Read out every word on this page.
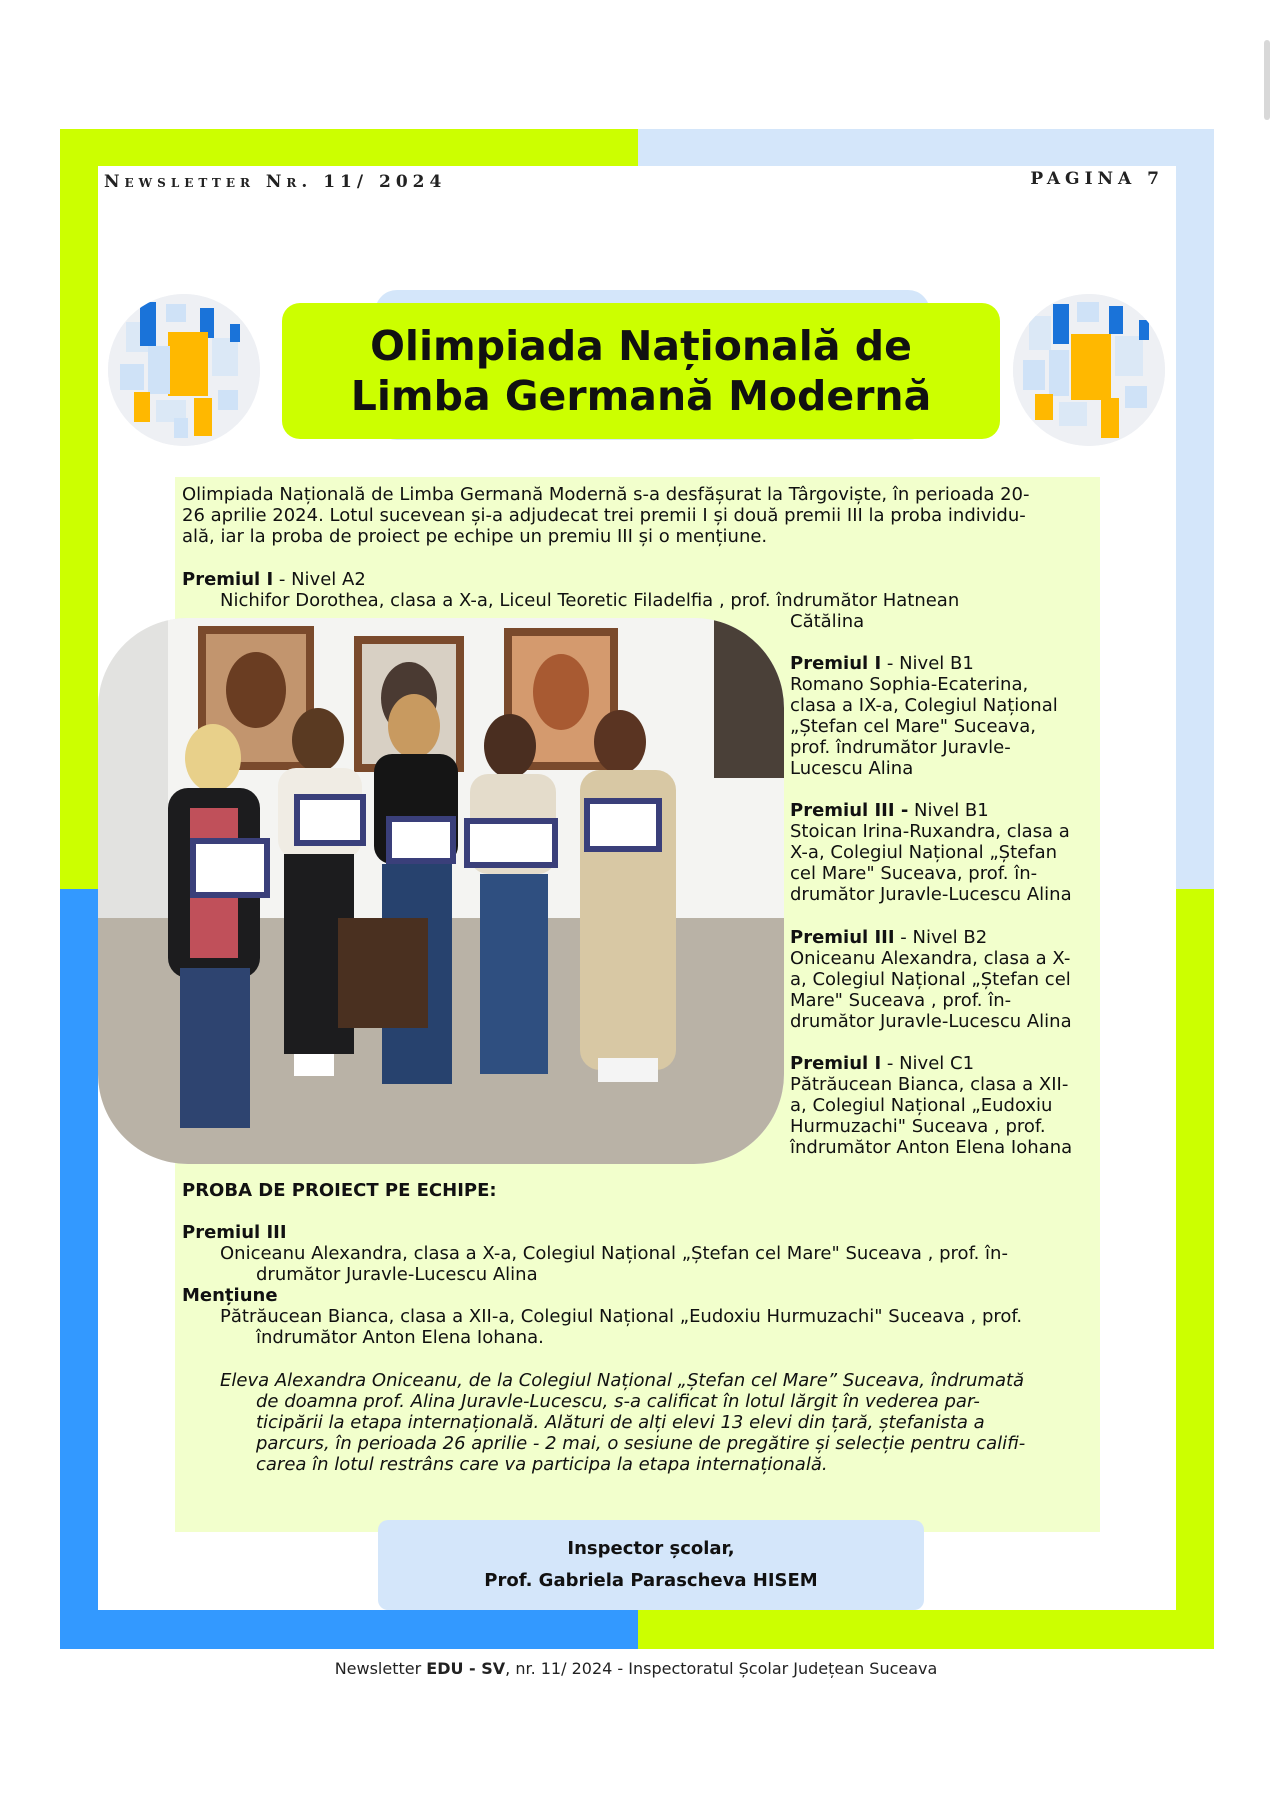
Newsletter Nr. 11/ 2024	PAGINA 7
Olimpiada Națională de
Limba Germană Modernă
Olimpiada Națională de Limba Germană Modernă s-a desfășurat la Târgoviște, în perioada 20-
26 aprilie 2024. Lotul sucevean și-a adjudecat trei premii I și două premii III la proba individu-
ală, iar la proba de proiect pe echipe un premiu III și o mențiune.
Premiul I - Nivel A2
Nichifor Dorothea, clasa a X-a, Liceul Teoretic Filadelfia , prof. îndrumător Hatnean
Cătălina
Premiul I - Nivel B1
Romano Sophia-Ecaterina,
clasa a IX-a, Colegiul Național
„Ștefan cel Mare" Suceava,
prof. îndrumător Juravle-
Lucescu Alina
Premiul III - Nivel B1
Stoican Irina-Ruxandra, clasa a
X-a, Colegiul Național „Ștefan
cel Mare" Suceava, prof. în-
drumător Juravle-Lucescu Alina
Premiul III - Nivel B2
Oniceanu Alexandra, clasa a X-
a, Colegiul Național „Ștefan cel
Mare" Suceava , prof. în-
drumător Juravle-Lucescu Alina
Premiul I - Nivel C1
Pătrăucean Bianca, clasa a XII-
a, Colegiul Național „Eudoxiu
Hurmuzachi" Suceava , prof.
îndrumător Anton Elena Iohana
PROBA DE PROIECT PE ECHIPE:
Premiul III
Oniceanu Alexandra, clasa a X-a, Colegiul Național „Ștefan cel Mare" Suceava , prof. în-
drumător Juravle-Lucescu Alina
Mențiune
Pătrăucean Bianca, clasa a XII-a, Colegiul Național „Eudoxiu Hurmuzachi" Suceava , prof.
îndrumător Anton Elena Iohana.
Eleva Alexandra Oniceanu, de la Colegiul Național „Ștefan cel Mare” Suceava, îndrumată
de doamna prof. Alina Juravle-Lucescu, s-a calificat în lotul lărgit în vederea par-
ticipării la etapa internațională. Alături de alți elevi 13 elevi din țară, ștefanista a
parcurs, în perioada 26 aprilie - 2 mai, o sesiune de pregătire și selecție pentru califi-
carea în lotul restrâns care va participa la etapa internațională.
Inspector școlar,
Prof. Gabriela Parascheva HISEM
Newsletter EDU - SV, nr. 11/ 2024 - Inspectoratul Școlar Județean Suceava
